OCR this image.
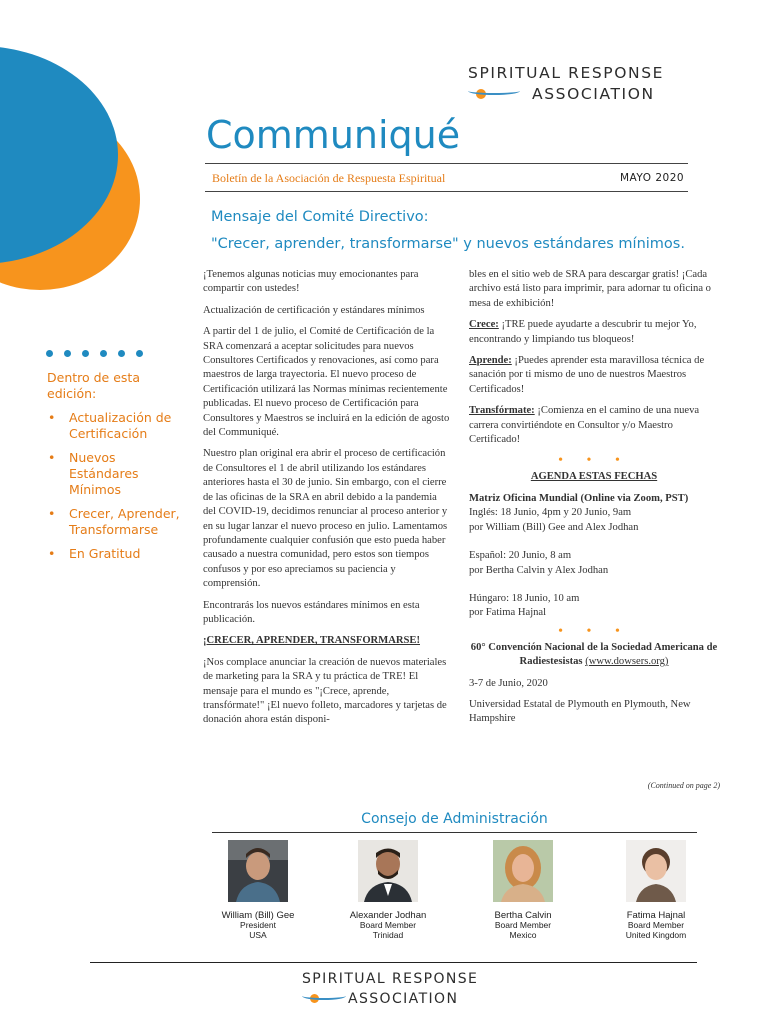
SPIRITUAL RESPONSE
ASSOCIATION
Communiqué
Boletín de la Asociación de Respuesta Espiritual	MAYO 2020
Mensaje del Comité Directivo:
"Crecer, aprender, transformarse" y nuevos estándares mínimos.
Dentro de esta edición:
• Actualización de Certificación
• Nuevos Estándares Mínimos
• Crecer, Aprender, Transformarse
• En Gratitud

¡Tenemos algunas noticias muy emocionantes para compartir con ustedes!

Actualización de certificación y estándares mínimos

A partir del 1 de julio, el Comité de Certificación de la SRA comenzará a aceptar solicitudes para nuevos Consultores Certificados y renovaciones, así como para maestros de larga trayectoria. El nuevo proceso de Certificación utilizará las Normas mínimas recientemente publicadas. El nuevo proceso de Certificación para Consultores y Maestros se incluirá en la edición de agosto del Communiqué.

Nuestro plan original era abrir el proceso de certificación de Consultores el 1 de abril utilizando los estándares anteriores hasta el 30 de junio. Sin embargo, con el cierre de las oficinas de la SRA en abril debido a la pandemia del COVID-19, decidimos renunciar al proceso anterior y en su lugar lanzar el nuevo proceso en julio. Lamentamos profundamente cualquier confusión que esto pueda haber causado a nuestra comunidad, pero estos son tiempos confusos y por eso apreciamos su paciencia y comprensión.

Encontrarás los nuevos estándares mínimos en esta publicación.

¡CRECER, APRENDER, TRANSFORMARSE!

¡Nos complace anunciar la creación de nuevos materiales de marketing para la SRA y tu práctica de TRE! El mensaje para el mundo es "¡Crece, aprende, transfórmate!" ¡El nuevo folleto, marcadores y tarjetas de donación ahora están disponi-

bles en el sitio web de SRA para descargar gratis! ¡Cada archivo está listo para imprimir, para adornar tu oficina o mesa de exhibición!

Crece: ¡TRE puede ayudarte a descubrir tu mejor Yo, encontrando y limpiando tus bloqueos!

Aprende: ¡Puedes aprender esta maravillosa técnica de sanación por ti mismo de uno de nuestros Maestros Certificados!

Transfórmate: ¡Comienza en el camino de una nueva carrera convirtiéndote en Consultor y/o Maestro Certificado!

• • •

AGENDA ESTAS FECHAS

Matriz Oficina Mundial (Online via Zoom, PST)

Inglés: 18 Junio, 4pm y 20 Junio, 9am
por William (Bill) Gee and Alex Jodhan

Español: 20 Junio, 8 am
por Bertha Calvin y Alex Jodhan

Húngaro: 18 Junio, 10 am
por Fatima Hajnal

• • •

60° Convención Nacional de la Sociedad Americana de Radiestesistas (www.dowsers.org)

3-7 de Junio, 2020

Universidad Estatal de Plymouth en Plymouth, New Hampshire

(Continued on page 2)
Consejo de Administración
William (Bill) Gee
President
USA
Alexander Jodhan
Board Member
Trinidad
Bertha Calvin
Board Member
Mexico
Fatima Hajnal
Board Member
United Kingdom
SPIRITUAL RESPONSE
ASSOCIATION
